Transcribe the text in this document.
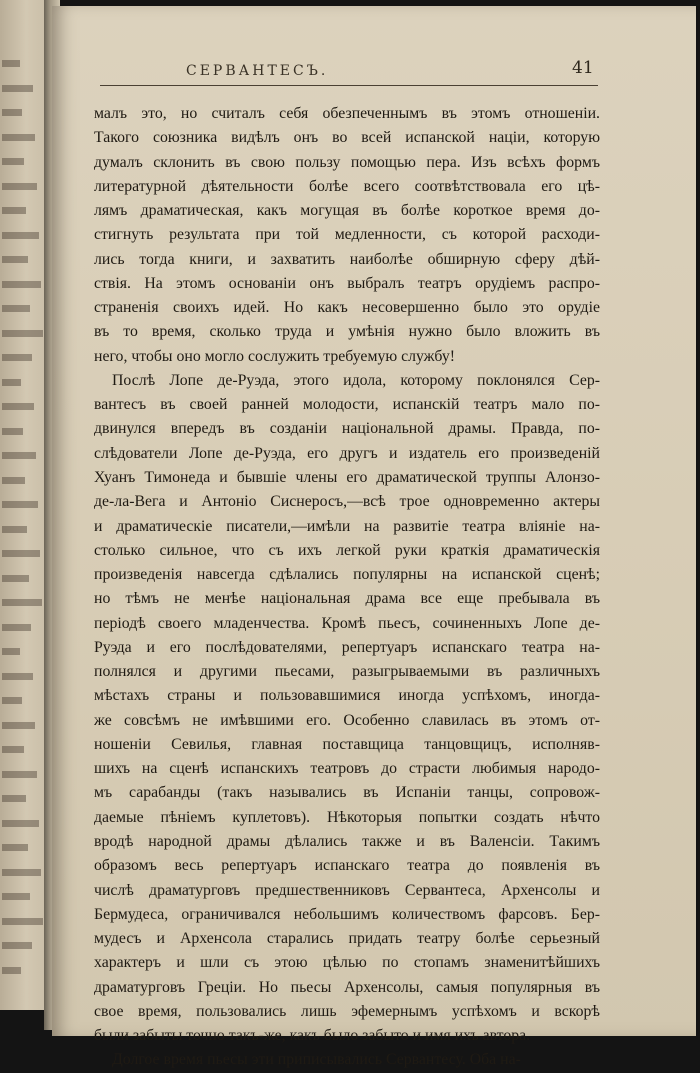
СЕРВАНТЕСЪ.	41
малъ это, но считалъ себя обезпеченнымъ въ этомъ отношенiи.
Такого союзника видѣлъ онъ во всей испанской нацiи, которую
думалъ склонить въ свою пользу помощью пера. Изъ всѣхъ формъ
литературной дѣятельности болѣе всего соотвѣтствовала его цѣ-
лямъ драматическая, какъ могущая въ болѣе короткое время до-
стигнуть результата при той медленности, съ которой расходи-
лись тогда книги, и захватить наиболѣе обширную сферу дѣй-
ствiя. На этомъ основанiи онъ выбралъ театръ орудiемъ распро-
страненiя своихъ идей. Но какъ несовершенно было это орудiе
въ то время, сколько труда и умѣнiя нужно было вложить въ
него, чтобы оно могло сослужить требуемую службу!
Послѣ Лопе де-Руэда, этого идола, которому поклонялся Сер-
вантесъ въ своей ранней молодости, испанскiй театръ мало по-
двинулся впередъ въ созданiи нацiональной драмы. Правда, по-
слѣдователи Лопе де-Руэда, его другъ и издатель его произведенiй
Хуанъ Тимонеда и бывшiе члены его драматической труппы Алонзо-
де-ла-Вега и Антонiо Сиснеросъ,—всѣ трое одновременно актеры
и драматическiе писатели,—имѣли на развитiе театра влiянiе на-
столько сильное, что съ ихъ легкой руки краткiя драматическiя
произведенiя навсегда сдѣлались популярны на испанской сценѣ;
но тѣмъ не менѣе нацiональная драма все еще пребывала въ
перiодѣ своего младенчества. Кромѣ пьесъ, сочиненныхъ Лопе де-
Руэда и его послѣдователями, репертуаръ испанскаго театра на-
полнялся и другими пьесами, разыгрываемыми въ различныхъ
мѣстахъ страны и пользовавшимися иногда успѣхомъ, иногда-
же совсѣмъ не имѣвшими его. Особенно славилась въ этомъ от-
ношенiи Севилья, главная поставщица танцовщицъ, исполняв-
шихъ на сценѣ испанскихъ театровъ до страсти любимыя народо-
мъ сарабанды (такъ назывались въ Испанiи танцы, сопровож-
даемые пѣнiемъ куплетовъ). Нѣкоторыя попытки создать нѣчто
вродѣ народной драмы дѣлались также и въ Валенсiи. Такимъ
образомъ весь репертуаръ испанскаго театра до появленiя въ
числѣ драматурговъ предшественниковъ Сервантеса, Архенсолы и
Бермудеса, ограничивался небольшимъ количествомъ фарсовъ. Бер-
мудесъ и Архенсола старались придать театру болѣе серьезный
характеръ и шли съ этою цѣлью по стопамъ знаменитѣйшихъ
драматурговъ Грецiи. Но пьесы Архенсолы, самыя популярныя въ
свое время, пользовались лишь эфемернымъ успѣхомъ и вскорѣ
были забыты точно такъ-же, какъ было забыто и имя ихъ автора.
Долгое время пьесы эти приписывались Сервантесу. Оба на-
